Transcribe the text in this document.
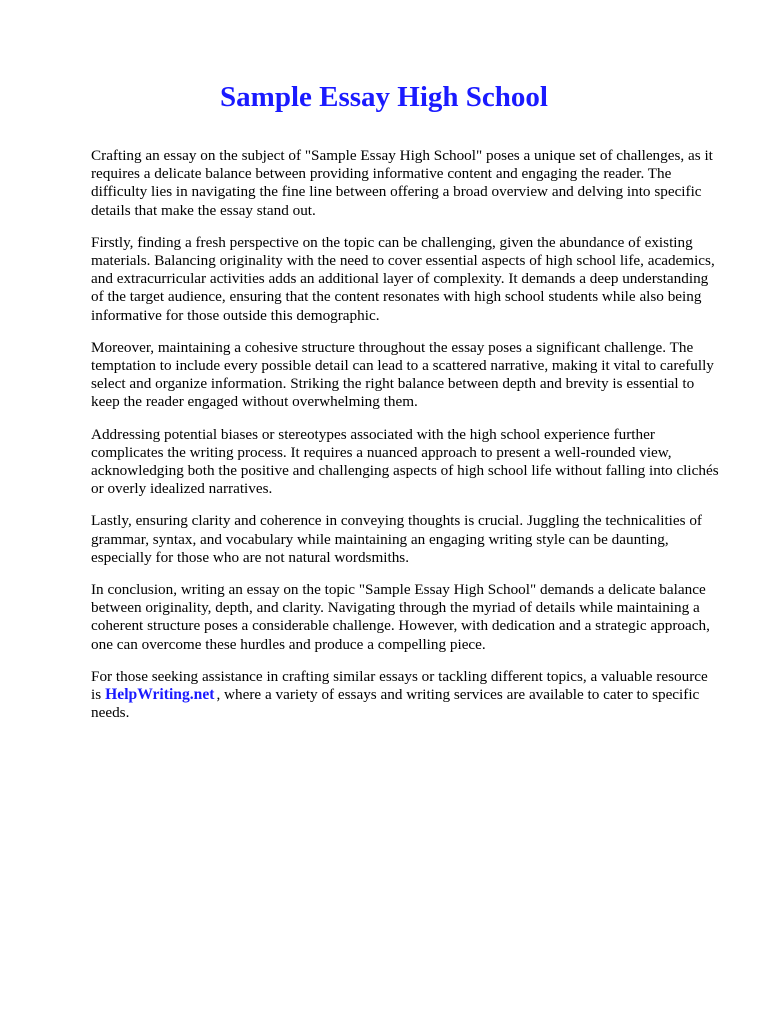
Sample Essay High School

Crafting an essay on the subject of "Sample Essay High School" poses a unique set of challenges, as it requires a delicate balance between providing informative content and engaging the reader. The difficulty lies in navigating the fine line between offering a broad overview and delving into specific details that make the essay stand out.

Firstly, finding a fresh perspective on the topic can be challenging, given the abundance of existing materials. Balancing originality with the need to cover essential aspects of high school life, academics, and extracurricular activities adds an additional layer of complexity. It demands a deep understanding of the target audience, ensuring that the content resonates with high school students while also being informative for those outside this demographic.

Moreover, maintaining a cohesive structure throughout the essay poses a significant challenge. The temptation to include every possible detail can lead to a scattered narrative, making it vital to carefully select and organize information. Striking the right balance between depth and brevity is essential to keep the reader engaged without overwhelming them.

Addressing potential biases or stereotypes associated with the high school experience further complicates the writing process. It requires a nuanced approach to present a well-rounded view, acknowledging both the positive and challenging aspects of high school life without falling into clichés or overly idealized narratives.

Lastly, ensuring clarity and coherence in conveying thoughts is crucial. Juggling the technicalities of grammar, syntax, and vocabulary while maintaining an engaging writing style can be daunting, especially for those who are not natural wordsmiths.

In conclusion, writing an essay on the topic "Sample Essay High School" demands a delicate balance between originality, depth, and clarity. Navigating through the myriad of details while maintaining a coherent structure poses a considerable challenge. However, with dedication and a strategic approach, one can overcome these hurdles and produce a compelling piece.

For those seeking assistance in crafting similar essays or tackling different topics, a valuable resource is HelpWriting.net , where a variety of essays and writing services are available to cater to specific needs.
